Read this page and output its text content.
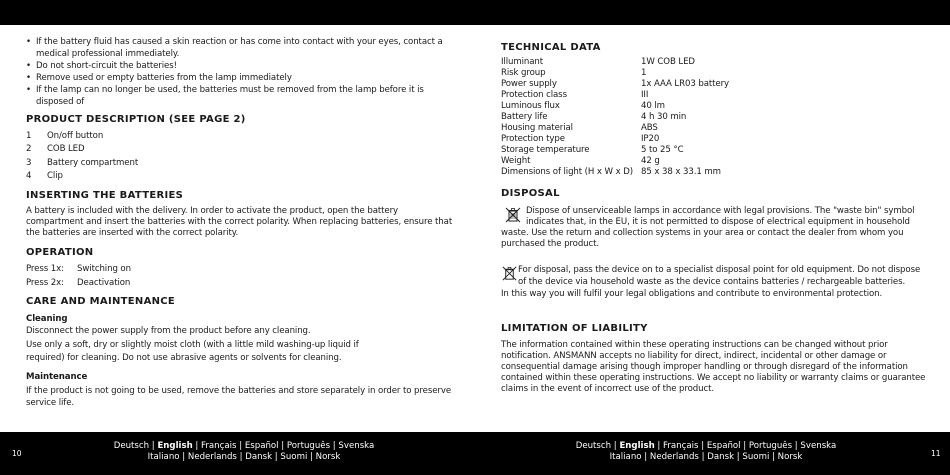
• If the battery fluid has caused a skin reaction or has come into contact with your eyes, contact a medical professional immediately.
• Do not short-circuit the batteries!
• Remove used or empty batteries from the lamp immediately
• If the lamp can no longer be used, the batteries must be removed from the lamp before it is disposed of
PRODUCT DESCRIPTION (SEE PAGE 2)
1	On/off button
2	COB LED
3	Battery compartment
4	Clip
INSERTING THE BATTERIES

A battery is included with the delivery. In order to activate the product, open the battery compartment and insert the batteries with the correct polarity. When replacing batteries, ensure that the batteries are inserted with the correct polarity.

OPERATION
Press 1x:	Switching on
Press 2x:	Deactivation
CARE AND MAINTENANCE
Cleaning

Disconnect the power supply from the product before any cleaning.

Use only a soft, dry or slightly moist cloth (with a little mild washing-up liquid if

required) for cleaning. Do not use abrasive agents or solvents for cleaning.

Maintenance

If the product is not going to be used, remove the batteries and store separately in order to preserve service life.

TECHNICAL DATA
Illuminant	1W COB LED
Risk group	1
Power supply	1x AAA LR03 battery
Protection class	III
Luminous flux	40 lm
Battery life	4 h 30 min
Housing material	ABS
Protection type	IP20
Storage temperature	5 to 25 °C
Weight	42 g
Dimensions of light (H x W x D) 85 x 38 x 33.1 mm
DISPOSAL
Dispose of unserviceable lamps in accordance with legal provisions. The "waste bin" symbol indicates that, in the EU, it is not permitted to dispose of electrical equipment in household waste. Use the return and collection systems in your area or contact the dealer from whom you purchased the product.
For disposal, pass the device on to a specialist disposal point for old equipment. Do not dispose of the device via household waste as the device contains batteries / rechargeable batteries.

In this way you will fulfil your legal obligations and contribute to environmental protection.

LIMITATION OF LIABILITY

The information contained within these operating instructions can be changed without prior notification. ANSMANN accepts no liability for direct, indirect, incidental or other damage or consequential damage arising though improper handling or through disregard of the information contained within these operating instructions. We accept no liability or warranty claims or guarantee claims in the event of incorrect use of the product.

10	11
Deutsch | English | Français | Español | Português | Svenska
Italiano | Nederlands | Dansk | Suomi | Norsk
Deutsch | English | Français | Español | Português | Svenska
Italiano | Nederlands | Dansk | Suomi | Norsk
